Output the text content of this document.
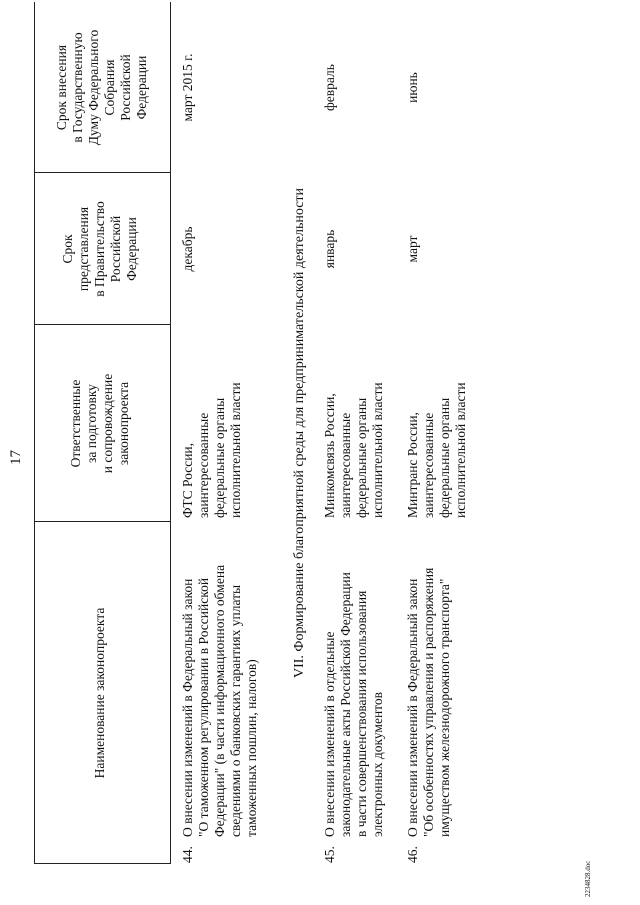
17
2234828.doc
Наименование законопроекта
Ответственные за подготовку и сопровождение законопроекта
Срок представления в Правительство Российской Федерации
Срок внесения в Государственную Думу Федерального Собрания Российской Федерации
44.
О внесении изменений в Федеральный закон "О таможенном регулировании в Российской Федерации" (в части информационного обмена сведениями о банковских гарантиях уплаты таможенных пошлин, налогов)
ФТС России, заинтересованные федеральные органы исполнительной власти
декабрь
март 2015 г.
VII. Формирование благоприятной среды для предпринимательской деятельности
45.
О внесении изменений в отдельные законодательные акты Российской Федерации в части совершенствования использования электронных документов
Минкомсвязь России, заинтересованные федеральные органы исполнительной власти
январь
февраль
46.
О внесении изменений в Федеральный закон "Об особенностях управления и распоряжения имуществом железнодорожного транспорта"
Минтранс России, заинтересованные федеральные органы исполнительной власти
март
июнь
